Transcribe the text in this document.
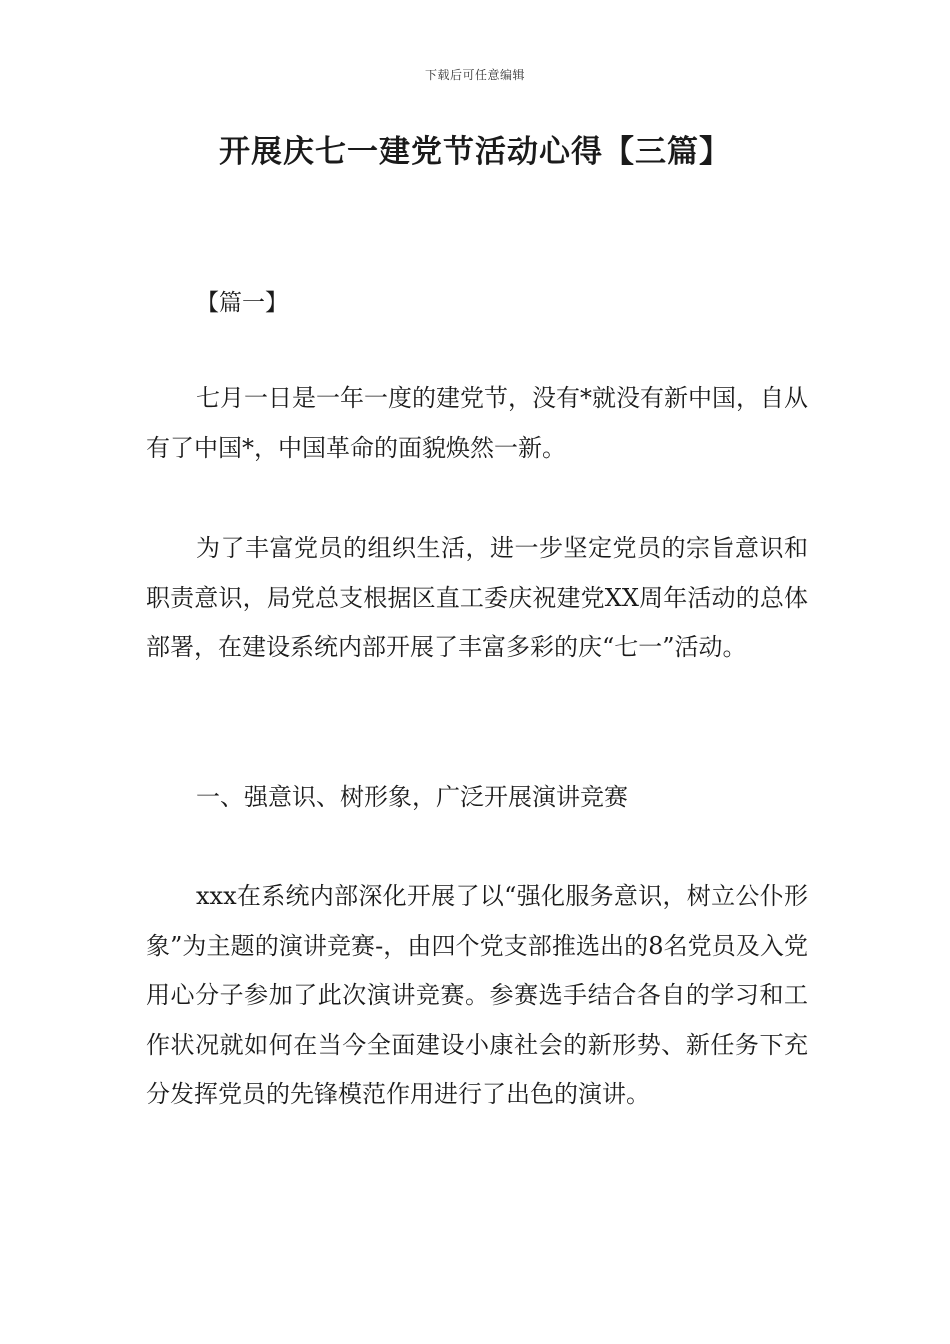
下载后可任意编辑
开展庆七一建党节活动心得【三篇】

【篇一】

七月一日是一年一度的建党节，没有*就没有新中国，自从有了中国*，中国革命的面貌焕然一新。

为了丰富党员的组织生活，进一步坚定党员的宗旨意识和职责意识，局党总支根据区直工委庆祝建党XX周年活动的总体部署，在建设系统内部开展了丰富多彩的庆“七一”活动。

一、强意识、树形象，广泛开展演讲竞赛

xxx在系统内部深化开展了以“强化服务意识，树立公仆形象”为主题的演讲竞赛-，由四个党支部推选出的8名党员及入党用心分子参加了此次演讲竞赛。参赛选手结合各自的学习和工作状况就如何在当今全面建设小康社会的新形势、新任务下充分发挥党员的先锋模范作用进行了出色的演讲。
